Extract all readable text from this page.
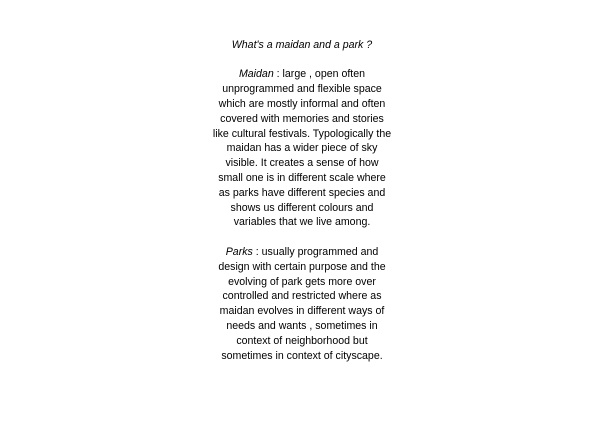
What's a maidan and a park ?

Maidan : large , open often
unprogrammed and flexible space
which are mostly informal and often
covered with memories and stories
like cultural festivals. Typologically the
maidan has a wider piece of sky
visible. It creates a sense of how
small one is in different scale where
as parks have different species and
shows us different colours and
variables that we live among.
Parks : usually programmed and
design with certain purpose and the
evolving of park gets more over
controlled and restricted where as
maidan evolves in different ways of
needs and wants , sometimes in
context of neighborhood but
sometimes in context of cityscape.
